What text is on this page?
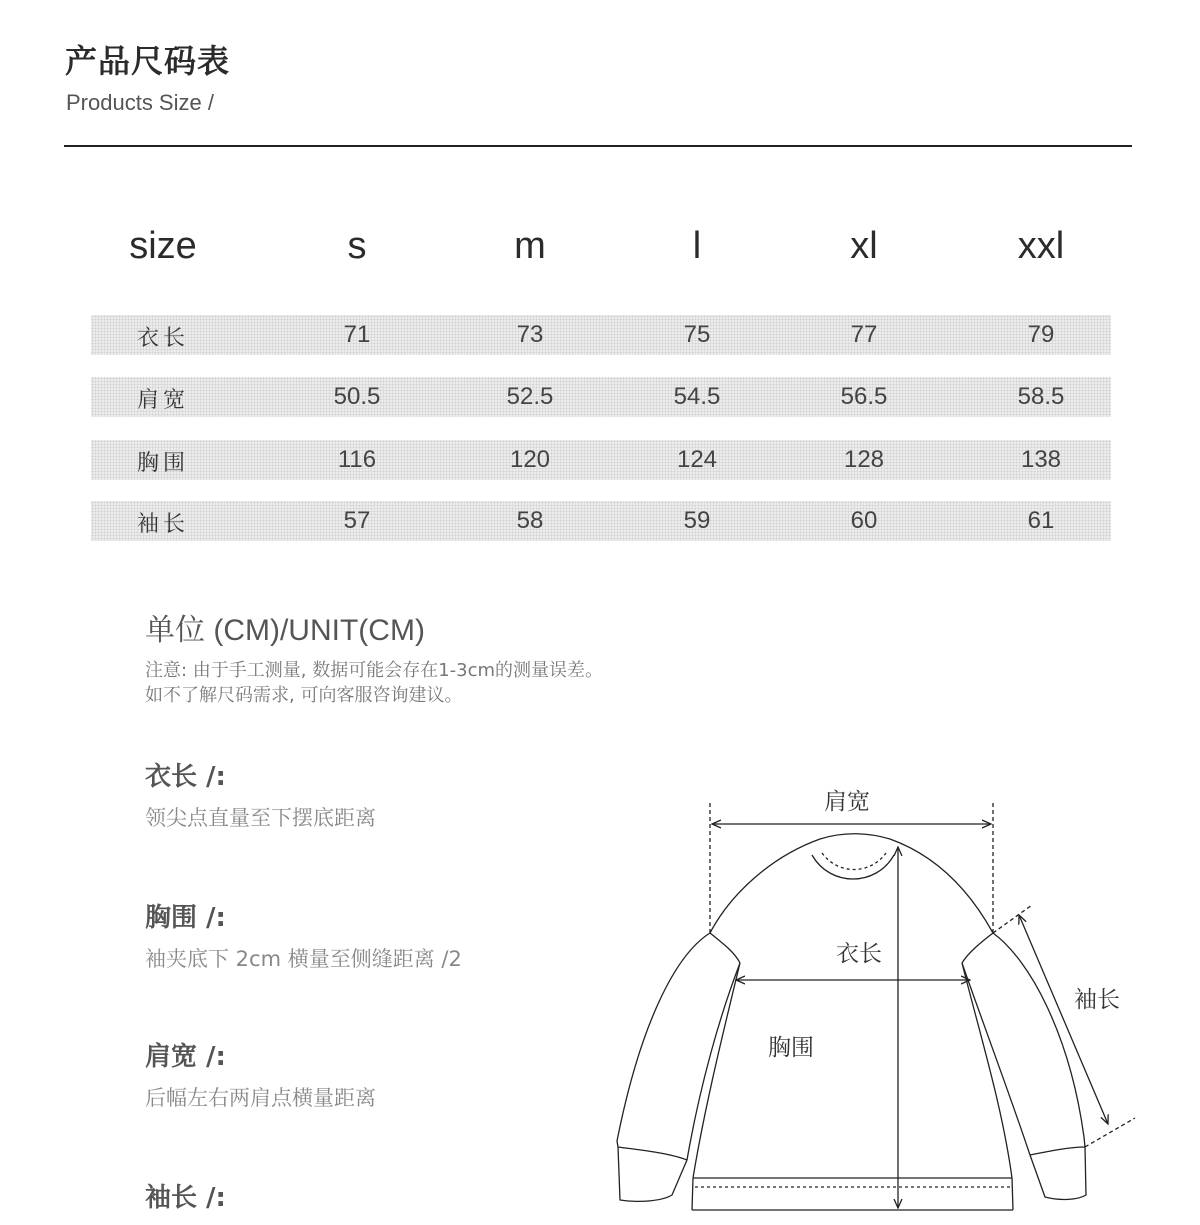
产品尺码表
Products Size /
size	s	m	l	xl	xxl
衣长	71	73	75	77	79
肩宽	50.5	52.5	54.5	56.5	58.5
胸围	116	120	124	128	138
袖长	57	58	59	60	61
单位 (CM)/UNIT(CM)
注意: 由于手工测量, 数据可能会存在1-3cm的测量误差。
如不了解尺码需求, 可向客服咨询建议。
衣长 /:
领尖点直量至下摆底距离
胸围 /:
袖夹底下 2cm 横量至侧缝距离 /2
肩宽 /:
后幅左右两肩点横量距离
袖长 /:
肩宽
衣长
胸围
袖长
